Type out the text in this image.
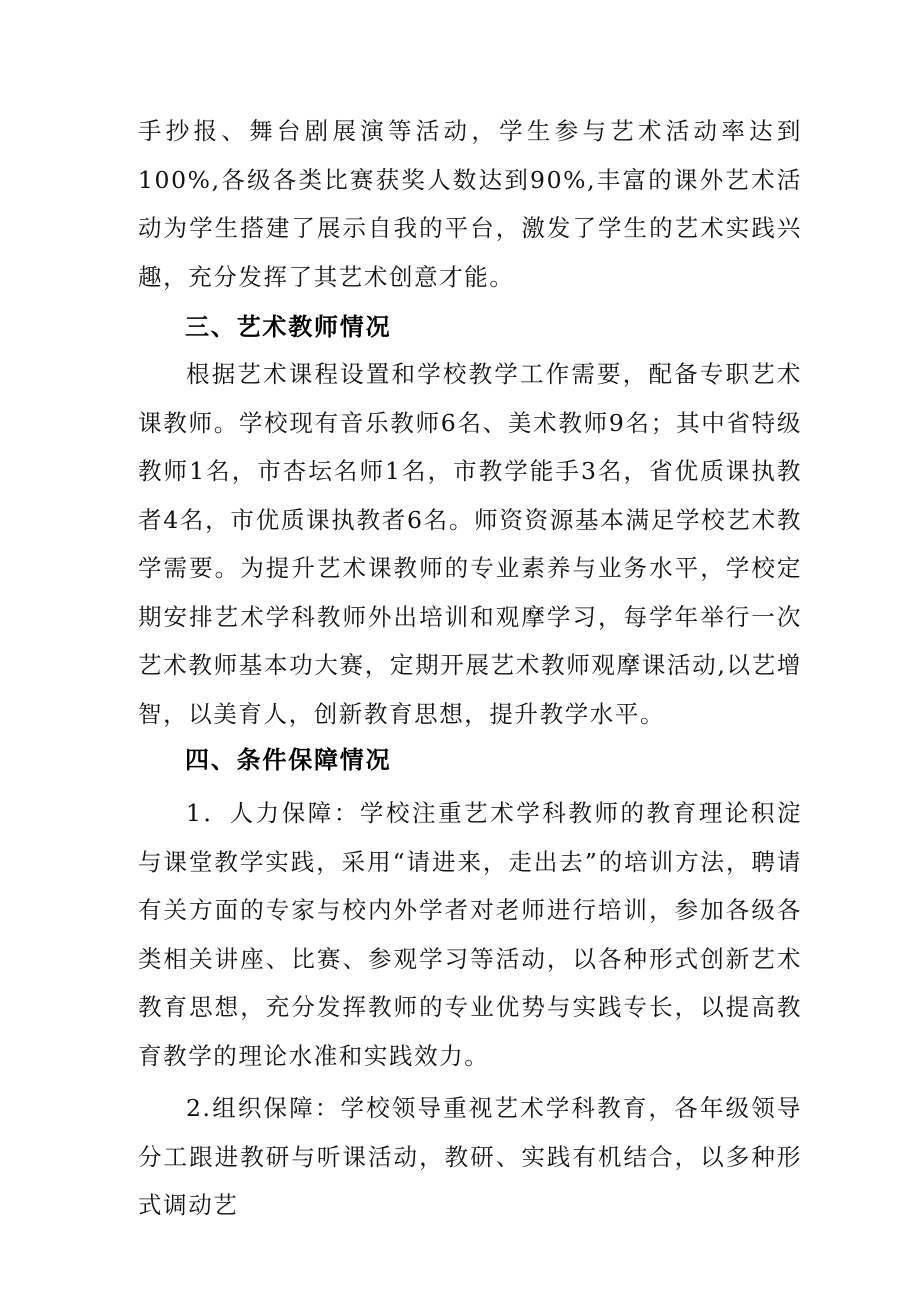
手抄报、舞台剧展演等活动，学生参与艺术活动率达到100%,各级各类比赛获奖人数达到90%,丰富的课外艺术活动为学生搭建了展示自我的平台，激发了学生的艺术实践兴趣，充分发挥了其艺术创意才能。
三、艺术教师情况
根据艺术课程设置和学校教学工作需要，配备专职艺术课教师。学校现有音乐教师6名、美术教师9名；其中省特级教师1名，市杏坛名师1名，市教学能手3名，省优质课执教者4名，市优质课执教者6名。师资资源基本满足学校艺术教学需要。为提升艺术课教师的专业素养与业务水平，学校定期安排艺术学科教师外出培训和观摩学习，每学年举行一次艺术教师基本功大赛，定期开展艺术教师观摩课活动,以艺增智，以美育人，创新教育思想，提升教学水平。
四、条件保障情况
1．人力保障：学校注重艺术学科教师的教育理论积淀与课堂教学实践，采用“请进来，走出去”的培训方法，聘请有关方面的专家与校内外学者对老师进行培训，参加各级各类相关讲座、比赛、参观学习等活动，以各种形式创新艺术教育思想，充分发挥教师的专业优势与实践专长，以提高教育教学的理论水准和实践效力。
2.组织保障：学校领导重视艺术学科教育，各年级领导分工跟进教研与听课活动，教研、实践有机结合，以多种形式调动艺
